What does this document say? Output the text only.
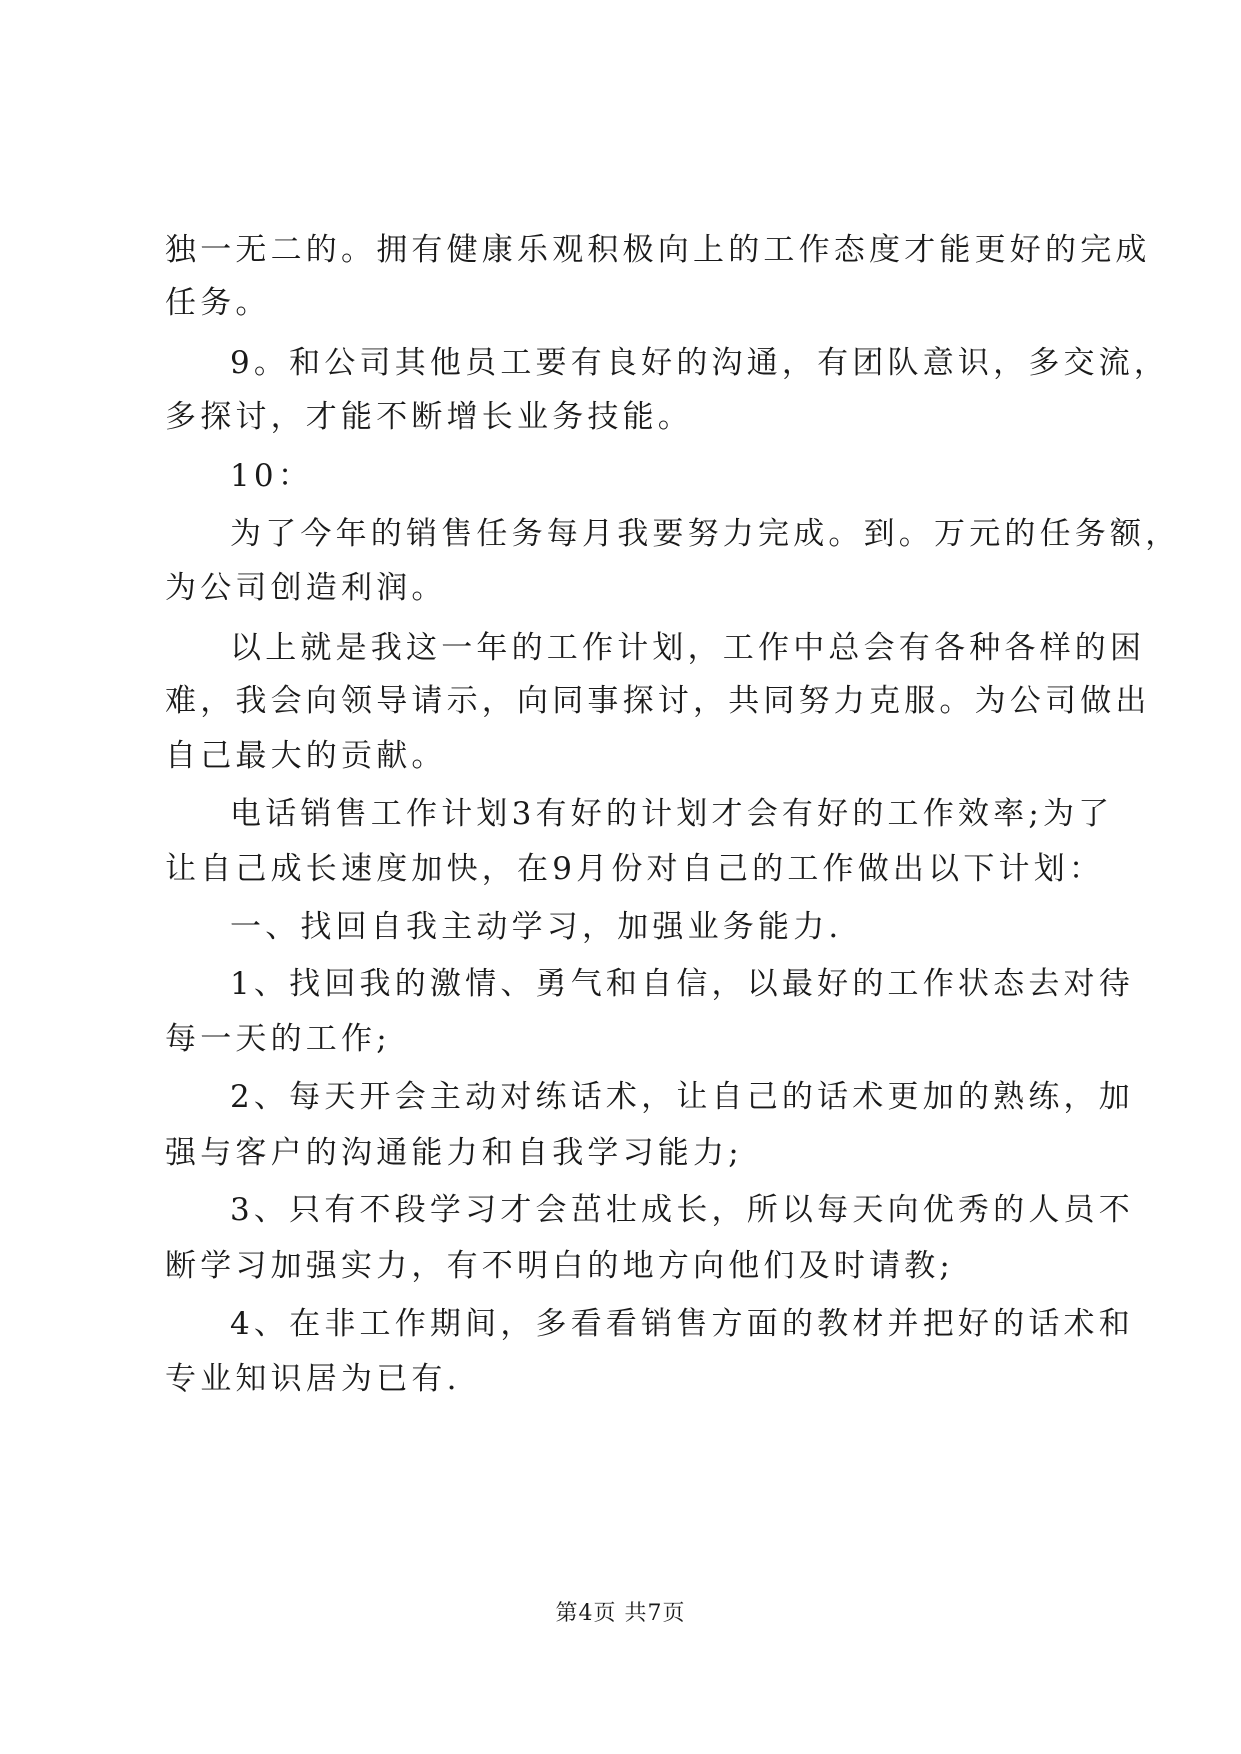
独一无二的。拥有健康乐观积极向上的工作态度才能更好的完成
任务。
9。和公司其他员工要有良好的沟通，有团队意识，多交流，
多探讨，才能不断增长业务技能。
10：
为了今年的销售任务每月我要努力完成。到。万元的任务额，
为公司创造利润。
以上就是我这一年的工作计划，工作中总会有各种各样的困
难，我会向领导请示，向同事探讨，共同努力克服。为公司做出
自己最大的贡献。
电话销售工作计划3有好的计划才会有好的工作效率;为了
让自己成长速度加快，在9月份对自己的工作做出以下计划：
一、找回自我主动学习，加强业务能力.
1、找回我的激情、勇气和自信，以最好的工作状态去对待
每一天的工作;
2、每天开会主动对练话术，让自己的话术更加的熟练，加
强与客户的沟通能力和自我学习能力;
3、只有不段学习才会茁壮成长，所以每天向优秀的人员不
断学习加强实力，有不明白的地方向他们及时请教;
4、在非工作期间，多看看销售方面的教材并把好的话术和
专业知识居为已有.
第4页 共7页
